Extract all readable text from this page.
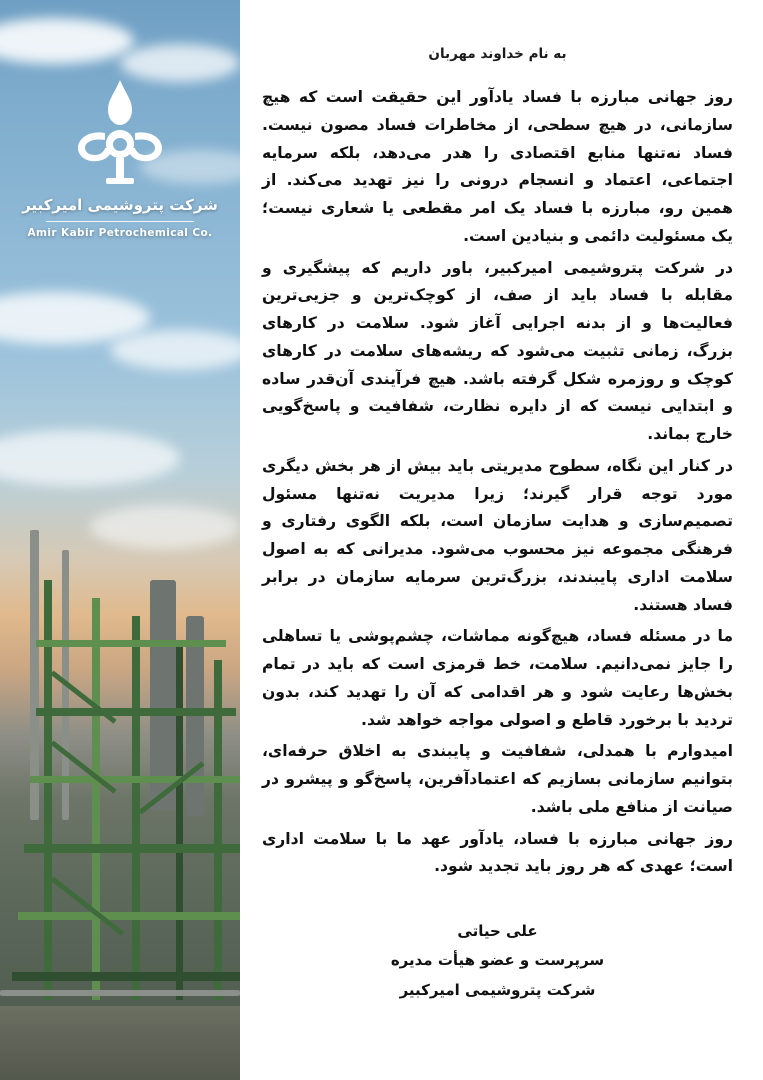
به نام خداوند مهربان

روز جهانی مبارزه با فساد یادآور این حقیقت است که هیچ سازمانی، در هیچ سطحی، از مخاطرات فساد مصون نیست. فساد نه‌تنها منابع اقتصادی را هدر می‌دهد، بلکه سرمایه اجتماعی، اعتماد و انسجام درونی را نیز تهدید می‌کند. از همین رو، مبارزه با فساد یک امر مقطعی یا شعاری نیست؛ یک مسئولیت دائمی و بنیادین است.

در شرکت پتروشیمی امیرکبیر، باور داریم که پیشگیری و مقابله با فساد باید از صف، از کوچک‌ترین و جزیی‌ترین فعالیت‌ها و از بدنه اجرایی آغاز شود. سلامت در کارهای بزرگ، زمانی تثبیت می‌شود که ریشه‌های سلامت در کارهای کوچک و روزمره شکل گرفته باشد. هیچ فرآیندی آن‌قدر ساده و ابتدایی نیست که از دایره نظارت، شفافیت و پاسخ‌گویی خارج بماند.

در کنار این نگاه، سطوح مدیریتی باید بیش از هر بخش دیگری مورد توجه قرار گیرند؛ زیرا مدیریت نه‌تنها مسئول تصمیم‌سازی و هدایت سازمان است، بلکه الگوی رفتاری و فرهنگی مجموعه نیز محسوب می‌شود. مدیرانی که به اصول سلامت اداری پایبندند، بزرگ‌ترین سرمایه سازمان در برابر فساد هستند.

ما در مسئله فساد، هیچ‌گونه مماشات، چشم‌پوشی یا تساهلی را جایز نمی‌دانیم. سلامت، خط قرمزی است که باید در تمام بخش‌ها رعایت شود و هر اقدامی که آن را تهدید کند، بدون تردید با برخورد قاطع و اصولی مواجه خواهد شد.

امیدوارم با همدلی، شفافیت و پایبندی به اخلاق حرفه‌ای، بتوانیم سازمانی بسازیم که اعتمادآفرین، پاسخ‌گو و پیشرو در صیانت از منافع ملی باشد.

روز جهانی مبارزه با فساد، یادآور عهد ما با سلامت اداری است؛ عهدی که هر روز باید تجدید شود.

علی حیاتی
سرپرست و عضو هیأت مدیره
شرکت پتروشیمی امیرکبیر
شرکت پتروشیمی امیرکبیر
Amir Kabir Petrochemical Co.
